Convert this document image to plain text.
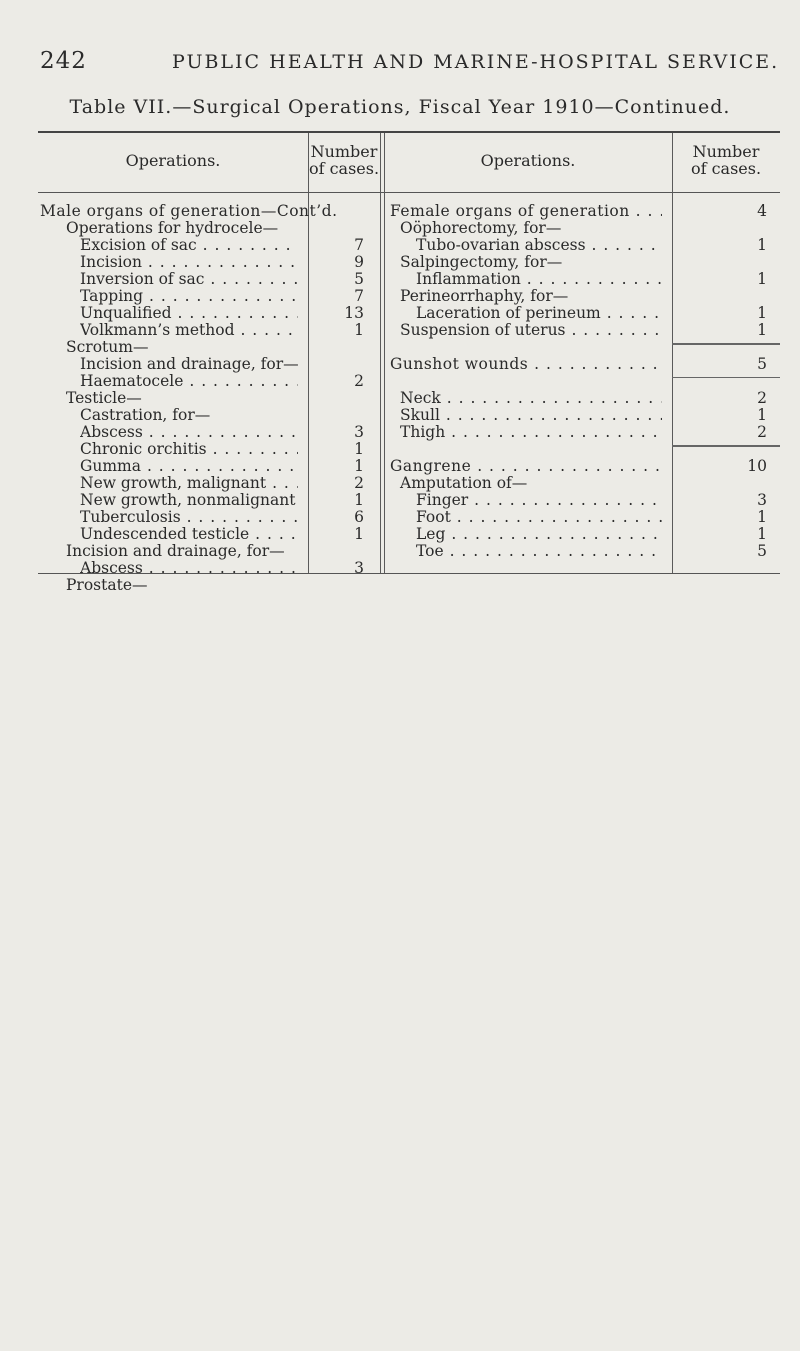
242	PUBLIC HEALTH AND MARINE-HOSPITAL SERVICE.
Table VII.—Surgical Operations, Fiscal Year 1910—Continued.
Operations.	Number
of cases.	Operations.	Number
of cases.
Male organs of generation—Cont’d.
Operations for hydrocele—
Excision of sac . . .	7
Incision . . .	9
Inversion of sac . . .	5
Tapping . . .	7
Unqualified . . .	13
Volkmann’s method . . .	1
Scrotum—
Incision and drainage, for—
Haematocele . . .	2
Testicle—
Castration, for—
Abscess . . .	3
Chronic orchitis . . .	1
Gumma . . .	1
New growth, malignant . . .	2
New growth, nonmalignant . . .	1
Tuberculosis . . .	6
Undescended testicle . . .	1
Incision and drainage, for—
Abscess . . .	3
Prostate—
Female organs of generation . . .	4
Oöphorectomy, for—
Tubo-ovarian abscess . . .	1
Salpingectomy, for—
Inflammation . . .	1
Perineorrhaphy, for—
Laceration of perineum . . .	1
Suspension of uterus . . .	1
Gunshot wounds . . .	5
Neck . . .	2
Skull . . .	1
Thigh . . .	2
Gangrene . . .	10
Amputation of—
Finger . . .	3
Foot . . .	1
Leg . . .	1
Toe . . .	5
